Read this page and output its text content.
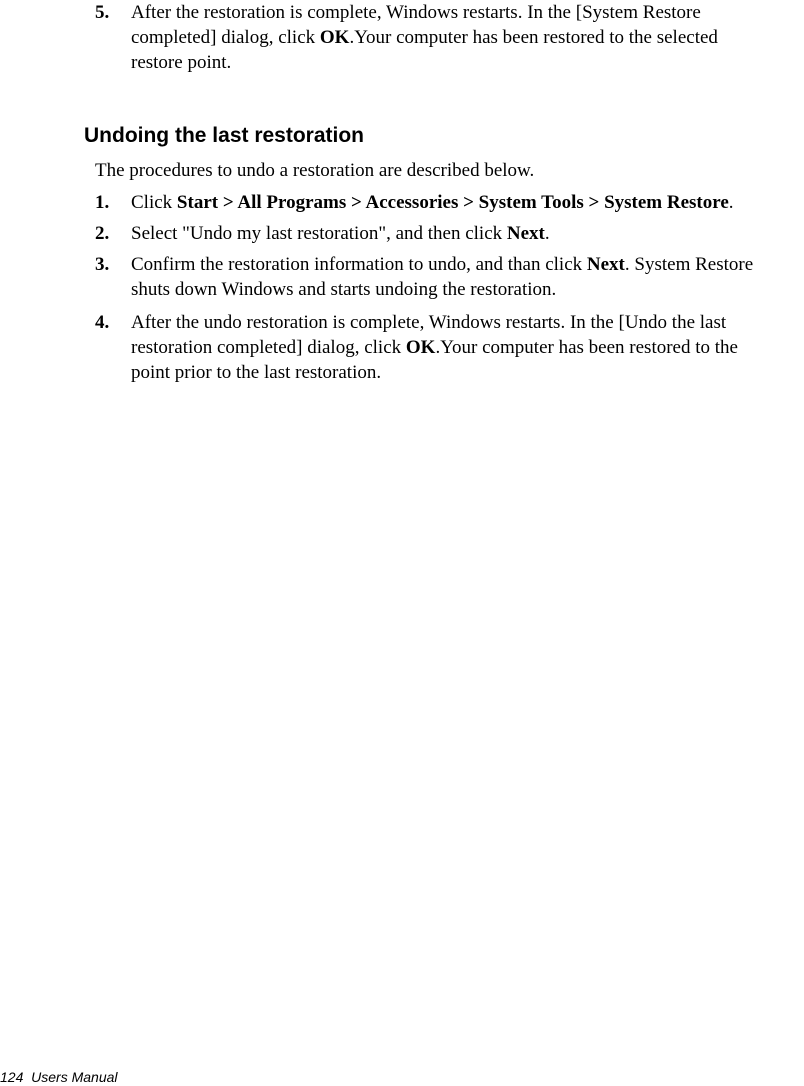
5. After the restoration is complete, Windows restarts. In the [System Restore
completed] dialog, click OK.Your computer has been restored to the selected
restore point.
Undoing the last restoration
The procedures to undo a restoration are described below.
1. Click Start > All Programs > Accessories > System Tools > System Restore.
2. Select "Undo my last restoration", and then click Next.
3. Confirm the restoration information to undo, and than click Next. System Restore
shuts down Windows and starts undoing the restoration.
4. After the undo restoration is complete, Windows restarts. In the [Undo the last
restoration completed] dialog, click OK.Your computer has been restored to the
point prior to the last restoration.
124 Users Manual
